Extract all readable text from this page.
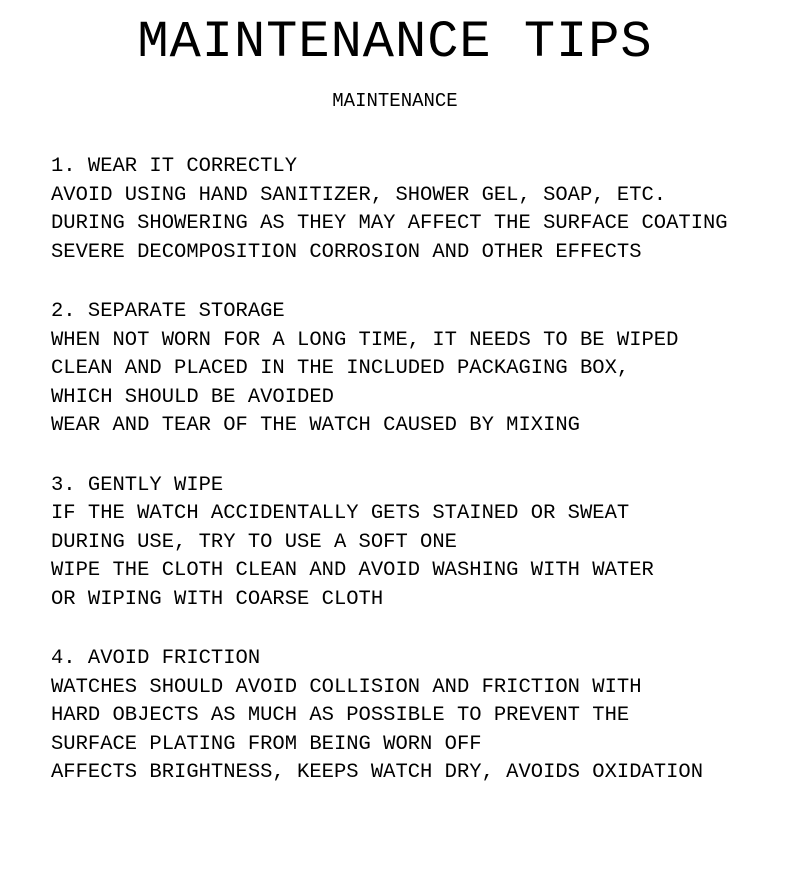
MAINTENANCE TIPS
MAINTENANCE
1. WEAR IT CORRECTLY
AVOID USING HAND SANITIZER, SHOWER GEL, SOAP, ETC.
DURING SHOWERING AS THEY MAY AFFECT THE SURFACE COATING
SEVERE DECOMPOSITION CORROSION AND OTHER EFFECTS
2. SEPARATE STORAGE
WHEN NOT WORN FOR A LONG TIME, IT NEEDS TO BE WIPED
CLEAN AND PLACED IN THE INCLUDED PACKAGING BOX,
WHICH SHOULD BE AVOIDED
WEAR AND TEAR OF THE WATCH CAUSED BY MIXING
3. GENTLY WIPE
IF THE WATCH ACCIDENTALLY GETS STAINED OR SWEAT
DURING USE, TRY TO USE A SOFT ONE
WIPE THE CLOTH CLEAN AND AVOID WASHING WITH WATER
OR WIPING WITH COARSE CLOTH
4. AVOID FRICTION
WATCHES SHOULD AVOID COLLISION AND FRICTION WITH
HARD OBJECTS AS MUCH AS POSSIBLE TO PREVENT THE
SURFACE PLATING FROM BEING WORN OFF
AFFECTS BRIGHTNESS, KEEPS WATCH DRY, AVOIDS OXIDATION
